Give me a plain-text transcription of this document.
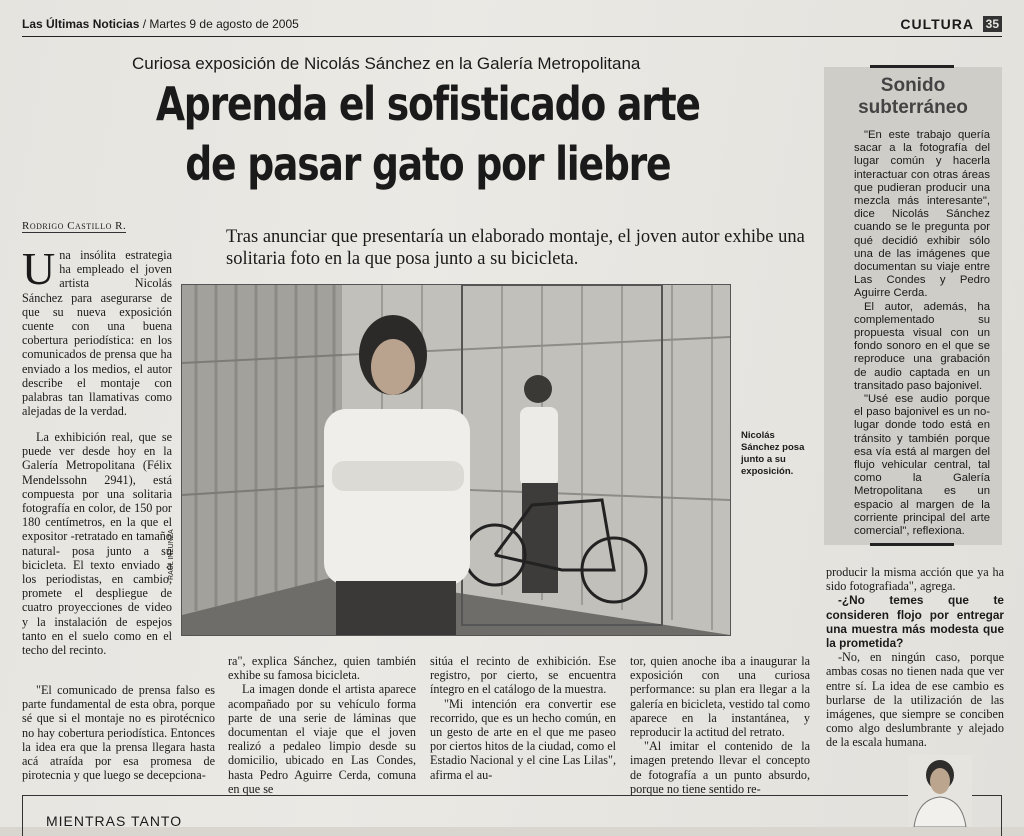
Las Últimas Noticias / Martes 9 de agosto de 2005	CULTURA 35
Curiosa exposición de Nicolás Sánchez en la Galería Metropolitana
Aprenda el sofisticado arte
de pasar gato por liebre
Rodrigo Castillo R.
Tras anunciar que presentaría un elaborado montaje, el joven autor exhibe una solitaria foto en la que posa junto a su bicicleta.

Una insólita estrategia ha empleado el joven artista Nicolás Sánchez para asegurarse de que su nueva exposición cuente con una buena cobertura periodística: en los comunicados de prensa que ha enviado a los medios, el autor describe el montaje con palabras tan llamativas como alejadas de la verdad.

La exhibición real, que se puede ver desde hoy en la Galería Metropolitana (Félix Mendelssohn 2941), está compuesta por una solitaria fotografía en color, de 150 por 180 centímetros, en la que el expositor -retratado en tamaño natural- posa junto a su bicicleta. El texto enviado a los periodistas, en cambio, promete el despliegue de cuatro proyecciones de video y la instalación de espejos tanto en el suelo como en el techo del recinto.

"El comunicado de prensa falso es parte fundamental de esta obra, porque sé que si el montaje no es pirotécnico no hay cobertura periodística. Entonces la idea era que la prensa llegara hasta acá atraída por esa promesa de pirotecnia y que luego se decepciona-

RAÚL INZUNZA
Nicolás Sánchez posa junto a su exposición.

ra", explica Sánchez, quien también exhibe su famosa bicicleta.

La imagen donde el artista aparece acompañado por su vehículo forma parte de una serie de láminas que documentan el viaje que el joven realizó a pedaleo limpio desde su domicilio, ubicado en Las Condes, hasta Pedro Aguirre Cerda, comuna en que se

sitúa el recinto de exhibición. Ese registro, por cierto, se encuentra íntegro en el catálogo de la muestra.

"Mi intención era convertir ese recorrido, que es un hecho común, en un gesto de arte en el que me paseo por ciertos hitos de la ciudad, como el Estadio Nacional y el cine Las Lilas", afirma el au-

tor, quien anoche iba a inaugurar la exposición con una curiosa performance: su plan era llegar a la galería en bicicleta, vestido tal como aparece en la instantánea, y reproducir la actitud del retrato.

"Al imitar el contenido de la imagen pretendo llevar el concepto de fotografía a un punto absurdo, porque no tiene sentido re-

Sonido subterráneo

"En este trabajo quería sacar a la fotografía del lugar común y hacerla interactuar con otras áreas que pudieran producir una mezcla más interesante", dice Nicolás Sánchez cuando se le pregunta por qué decidió exhibir sólo una de las imágenes que documentan su viaje entre Las Condes y Pedro Aguirre Cerda.

El autor, además, ha complementado su propuesta visual con un fondo sonoro en el que se reproduce una grabación de audio captada en un transitado paso bajonivel.

"Usé ese audio porque el paso bajonivel es un no-lugar donde todo está en tránsito y también porque esa vía está al margen del flujo vehicular central, tal como la Galería Metropolitana es un espacio al margen de la corriente principal del arte comercial", reflexiona.

producir la misma acción que ya ha sido fotografiada", agrega.

-¿No temes que te consideren flojo por entregar una muestra más modesta que la prometida?

-No, en ningún caso, porque ambas cosas no tienen nada que ver entre sí. La idea de ese cambio es burlarse de la utilización de las imágenes, que siempre se conciben como algo deslumbrante y alejado de la escala humana.

MIENTRAS TANTO
